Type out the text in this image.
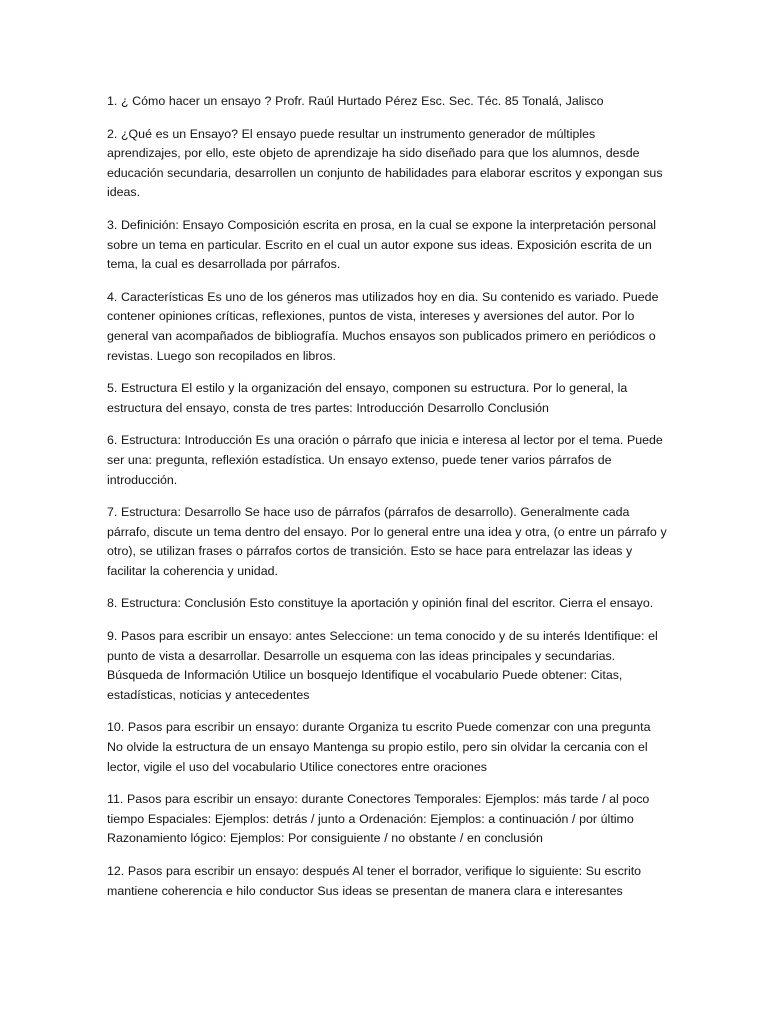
1. ¿ Cómo hacer un ensayo ? Profr. Raúl Hurtado Pérez Esc. Sec. Téc. 85 Tonalá, Jalisco

2. ¿Qué es un Ensayo? El ensayo puede resultar un instrumento generador de múltiples aprendizajes, por ello, este objeto de aprendizaje ha sido diseñado para que los alumnos, desde educación secundaria, desarrollen un conjunto de habilidades para elaborar escritos y expongan sus ideas.

3. Definición: Ensayo Composición escrita en prosa, en la cual se expone la interpretación personal sobre un tema en particular. Escrito en el cual un autor expone sus ideas. Exposición escrita de un tema, la cual es desarrollada por párrafos.

4. Características Es uno de los géneros mas utilizados hoy en dia. Su contenido es variado. Puede contener opiniones críticas, reflexiones, puntos de vista, intereses y aversiones del autor. Por lo general van acompañados de bibliografía. Muchos ensayos son publicados primero en periódicos o revistas. Luego son recopilados en libros.

5. Estructura El estilo y la organización del ensayo, componen su estructura. Por lo general, la estructura del ensayo, consta de tres partes: Introducción Desarrollo Conclusión

6. Estructura: Introducción Es una oración o párrafo que inicia e interesa al lector por el tema. Puede ser una: pregunta, reflexión estadística. Un ensayo extenso, puede tener varios párrafos de introducción.

7. Estructura: Desarrollo Se hace uso de párrafos (párrafos de desarrollo). Generalmente cada párrafo, discute un tema dentro del ensayo. Por lo general entre una idea y otra, (o entre un párrafo y otro), se utilizan frases o párrafos cortos de transición. Esto se hace para entrelazar las ideas y facilitar la coherencia y unidad.

8. Estructura: Conclusión Esto constituye la aportación y opinión final del escritor. Cierra el ensayo.

9. Pasos para escribir un ensayo: antes Seleccione: un tema conocido y de su interés Identifique: el punto de vista a desarrollar. Desarrolle un esquema con las ideas principales y secundarias. Búsqueda de Información Utilice un bosquejo Identifique el vocabulario Puede obtener: Citas, estadísticas, noticias y antecedentes

10. Pasos para escribir un ensayo: durante Organiza tu escrito Puede comenzar con una pregunta No olvide la estructura de un ensayo Mantenga su propio estilo, pero sin olvidar la cercania con el lector, vigile el uso del vocabulario Utilice conectores entre oraciones

11. Pasos para escribir un ensayo: durante Conectores Temporales: Ejemplos: más tarde / al poco tiempo Espaciales: Ejemplos: detrás / junto a Ordenación: Ejemplos: a continuación / por último Razonamiento lógico: Ejemplos: Por consiguiente / no obstante / en conclusión

12. Pasos para escribir un ensayo: después Al tener el borrador, verifique lo siguiente: Su escrito mantiene coherencia e hilo conductor Sus ideas se presentan de manera clara e interesantes
